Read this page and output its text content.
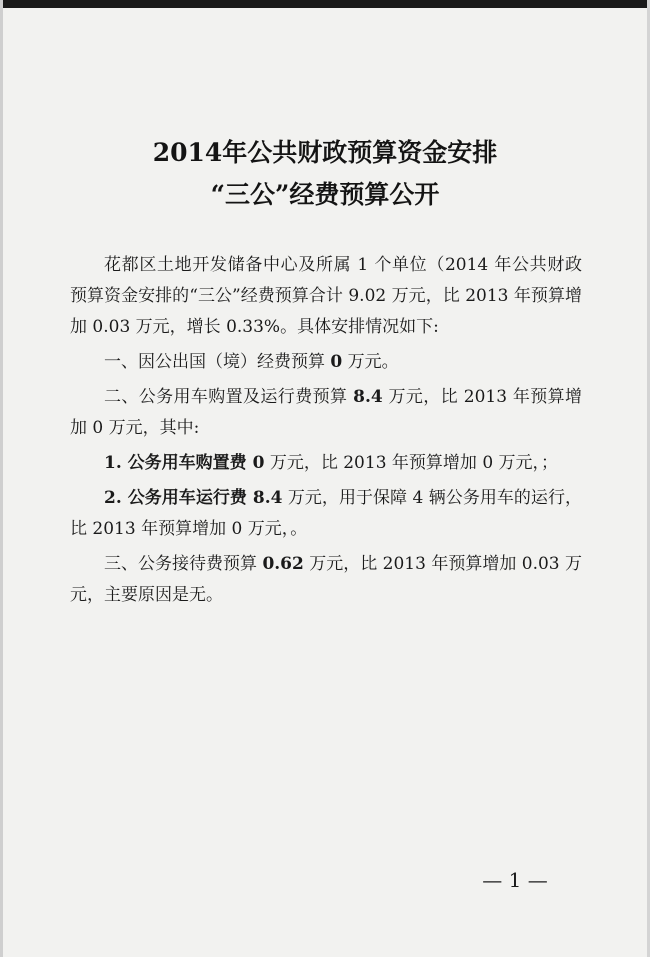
2014年公共财政预算资金安排
“三公”经费预算公开

花都区土地开发储备中心及所属 1 个单位（2014 年公共财政预算资金安排的“三公”经费预算合计 9.02 万元，比 2013 年预算增加 0.03 万元，增长 0.33%。具体安排情况如下:

一、因公出国（境）经费预算 0 万元。

二、公务用车购置及运行费预算 8.4 万元，比 2013 年预算增加 0 万元，其中:

1. 公务用车购置费 0 万元，比 2013 年预算增加 0 万元，；

2. 公务用车运行费 8.4 万元，用于保障 4 辆公务用车的运行，比 2013 年预算增加 0 万元，。

三、公务接待费预算 0.62 万元，比 2013 年预算增加 0.03 万元，主要原因是无。

— 1 —
